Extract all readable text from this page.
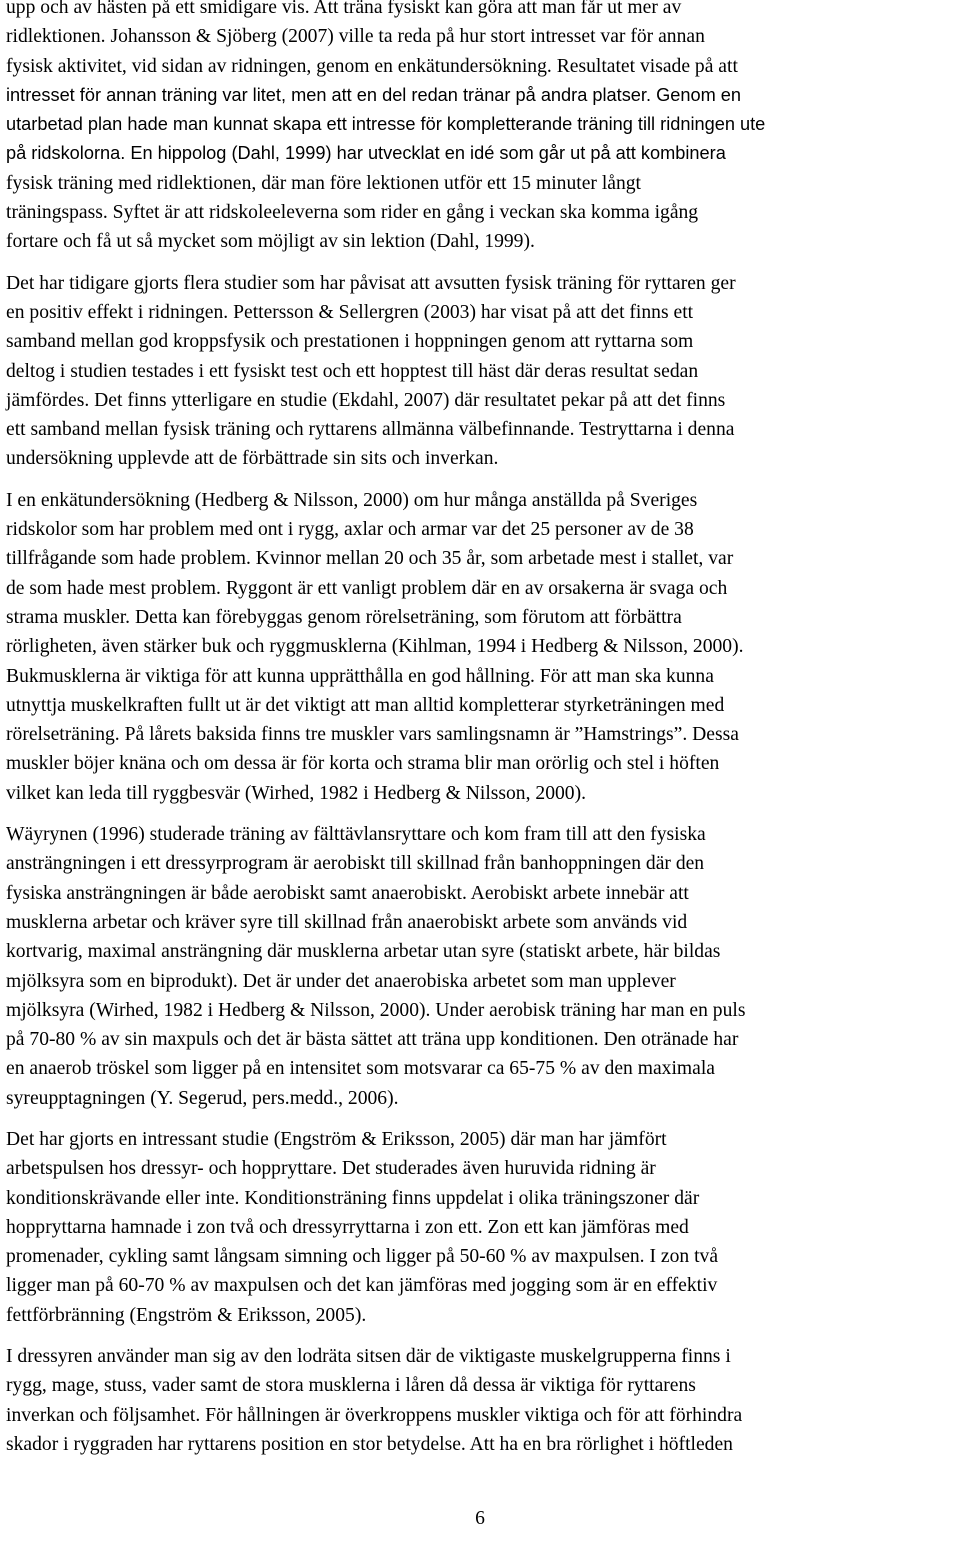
upp och av hästen på ett smidigare vis. Att träna fysiskt kan göra att man får ut mer av
ridlektionen. Johansson & Sjöberg (2007) ville ta reda på hur stort intresset var för annan
fysisk aktivitet, vid sidan av ridningen, genom en enkätundersökning. Resultatet visade på att
intresset för annan träning var litet, men att en del redan tränar på andra platser. Genom en
utarbetad plan hade man kunnat skapa ett intresse för kompletterande träning till ridningen ute
på ridskolorna. En hippolog (Dahl, 1999) har utvecklat en idé som går ut på att kombinera
fysisk träning med ridlektionen, där man före lektionen utför ett 15 minuter långt
träningspass. Syftet är att ridskoleeleverna som rider en gång i veckan ska komma igång
fortare och få ut så mycket som möjligt av sin lektion (Dahl, 1999).

Det har tidigare gjorts flera studier som har påvisat att avsutten fysisk träning för ryttaren ger
en positiv effekt i ridningen. Pettersson & Sellergren (2003) har visat på att det finns ett
samband mellan god kroppsfysik och prestationen i hoppningen genom att ryttarna som
deltog i studien testades i ett fysiskt test och ett hopptest till häst där deras resultat sedan
jämfördes. Det finns ytterligare en studie (Ekdahl, 2007) där resultatet pekar på att det finns
ett samband mellan fysisk träning och ryttarens allmänna välbefinnande. Testryttarna i denna
undersökning upplevde att de förbättrade sin sits och inverkan.

I en enkätundersökning (Hedberg & Nilsson, 2000) om hur många anställda på Sveriges
ridskolor som har problem med ont i rygg, axlar och armar var det 25 personer av de 38
tillfrågande som hade problem. Kvinnor mellan 20 och 35 år, som arbetade mest i stallet, var
de som hade mest problem. Ryggont är ett vanligt problem där en av orsakerna är svaga och
strama muskler. Detta kan förebyggas genom rörelseträning, som förutom att förbättra
rörligheten, även stärker buk och ryggmusklerna (Kihlman, 1994 i Hedberg & Nilsson, 2000).
Bukmusklerna är viktiga för att kunna upprätthålla en god hållning. För att man ska kunna
utnyttja muskelkraften fullt ut är det viktigt att man alltid kompletterar styrketräningen med
rörelseträning. På lårets baksida finns tre muskler vars samlingsnamn är ”Hamstrings”. Dessa
muskler böjer knäna och om dessa är för korta och strama blir man orörlig och stel i höften
vilket kan leda till ryggbesvär (Wirhed, 1982 i Hedberg & Nilsson, 2000).

Wäyrynen (1996) studerade träning av fälttävlansryttare och kom fram till att den fysiska
ansträngningen i ett dressyrprogram är aerobiskt till skillnad från banhoppningen där den
fysiska ansträngningen är både aerobiskt samt anaerobiskt. Aerobiskt arbete innebär att
musklerna arbetar och kräver syre till skillnad från anaerobiskt arbete som används vid
kortvarig, maximal ansträngning där musklerna arbetar utan syre (statiskt arbete, här bildas
mjölksyra som en biprodukt). Det är under det anaerobiska arbetet som man upplever
mjölksyra (Wirhed, 1982 i Hedberg & Nilsson, 2000). Under aerobisk träning har man en puls
på 70-80 % av sin maxpuls och det är bästa sättet att träna upp konditionen. Den otränade har
en anaerob tröskel som ligger på en intensitet som motsvarar ca 65-75 % av den maximala
syreupptagningen (Y. Segerud, pers.medd., 2006).

Det har gjorts en intressant studie (Engström & Eriksson, 2005) där man har jämfört
arbetspulsen hos dressyr- och hoppryttare. Det studerades även huruvida ridning är
konditionskrävande eller inte. Konditionsträning finns uppdelat i olika träningszoner där
hoppryttarna hamnade i zon två och dressyrryttarna i zon ett. Zon ett kan jämföras med
promenader, cykling samt långsam simning och ligger på 50-60 % av maxpulsen. I zon två
ligger man på 60-70 % av maxpulsen och det kan jämföras med jogging som är en effektiv
fettförbränning (Engström & Eriksson, 2005).

I dressyren använder man sig av den lodräta sitsen där de viktigaste muskelgrupperna finns i
rygg, mage, stuss, vader samt de stora musklerna i låren då dessa är viktiga för ryttarens
inverkan och följsamhet. För hållningen är överkroppens muskler viktiga och för att förhindra
skador i ryggraden har ryttarens position en stor betydelse. Att ha en bra rörlighet i höftleden

6
